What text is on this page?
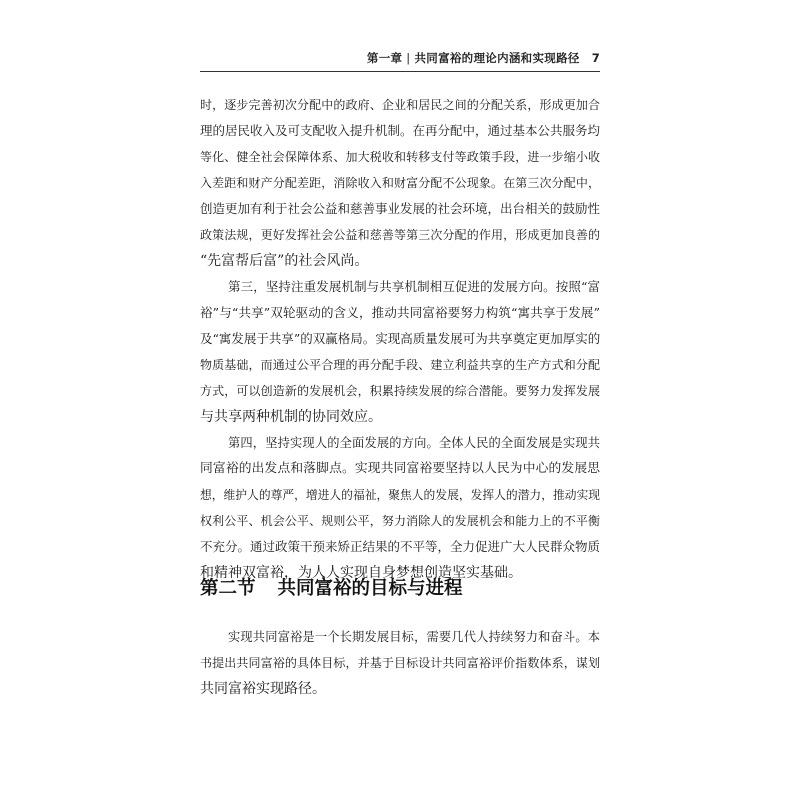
第一章 | 共同富裕的理论内涵和实现路径 7
时，逐步完善初次分配中的政府、企业和居民之间的分配关系，形成更加合
理的居民收入及可支配收入提升机制。在再分配中，通过基本公共服务均
等化、健全社会保障体系、加大税收和转移支付等政策手段，进一步缩小收
入差距和财产分配差距，消除收入和财富分配不公现象。在第三次分配中，
创造更加有利于社会公益和慈善事业发展的社会环境，出台相关的鼓励性
政策法规，更好发挥社会公益和慈善等第三次分配的作用，形成更加良善的
“先富帮后富”的社会风尚。
第三，坚持注重发展机制与共享机制相互促进的发展方向。按照“富
裕”与“共享”双轮驱动的含义，推动共同富裕要努力构筑“寓共享于发展”
及“寓发展于共享”的双赢格局。实现高质量发展可为共享奠定更加厚实的
物质基础，而通过公平合理的再分配手段、建立利益共享的生产方式和分配
方式，可以创造新的发展机会，积累持续发展的综合潜能。要努力发挥发展
与共享两种机制的协同效应。
第四，坚持实现人的全面发展的方向。全体人民的全面发展是实现共
同富裕的出发点和落脚点。实现共同富裕要坚持以人民为中心的发展思
想，维护人的尊严，增进人的福祉，聚焦人的发展，发挥人的潜力，推动实现
权利公平、机会公平、规则公平，努力消除人的发展机会和能力上的不平衡
不充分。通过政策干预来矫正结果的不平等，全力促进广大人民群众物质
和精神双富裕，为人人实现自身梦想创造坚实基础。
第二节 共同富裕的目标与进程
实现共同富裕是一个长期发展目标，需要几代人持续努力和奋斗。本
书提出共同富裕的具体目标，并基于目标设计共同富裕评价指数体系，谋划
共同富裕实现路径。
